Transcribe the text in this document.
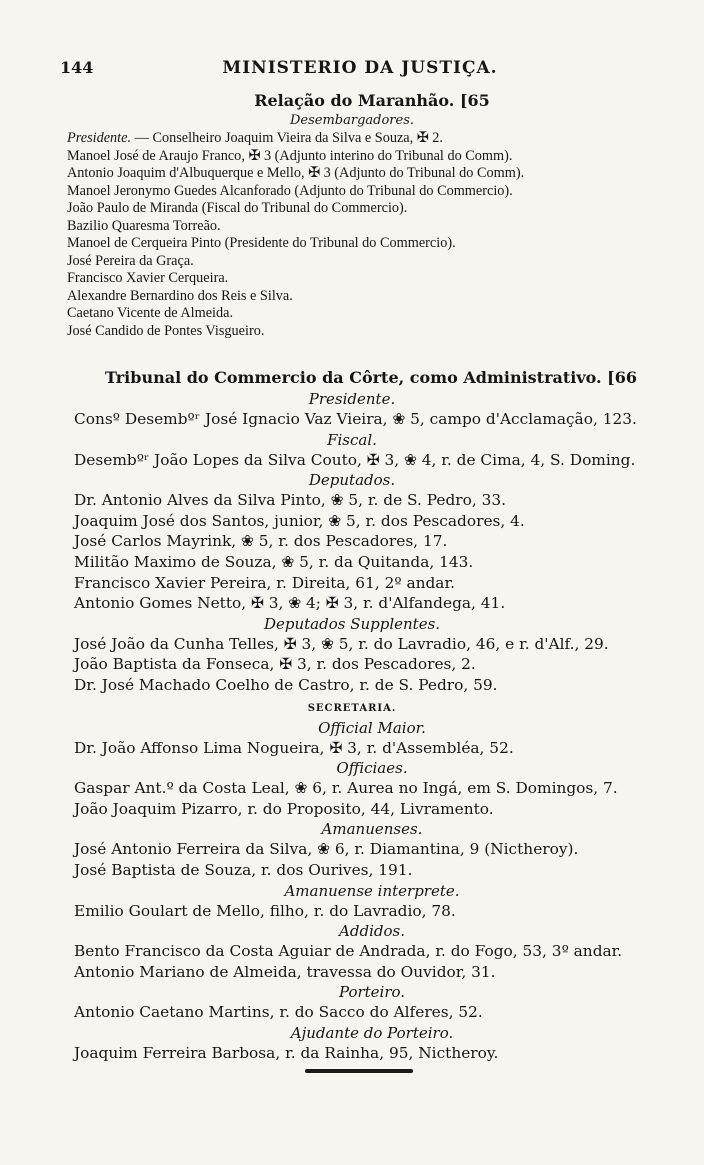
144	MINISTERIO DA JUSTIÇA.
Relação do Maranhão. [65
Desembargadores.
Presidente. — Conselheiro Joaquim Vieira da Silva e Souza, ✠ 2.
Manoel José de Araujo Franco, ✠ 3 (Adjunto interino do Tribunal do Comm).
Antonio Joaquim d'Albuquerque e Mello, ✠ 3 (Adjunto do Tribunal do Comm).
Manoel Jeronymo Guedes Alcanforado (Adjunto do Tribunal do Commercio).
João Paulo de Miranda (Fiscal do Tribunal do Commercio).
Bazilio Quaresma Torreão.
Manoel de Cerqueira Pinto (Presidente do Tribunal do Commercio).
José Pereira da Graça.
Francisco Xavier Cerqueira.
Alexandre Bernardino dos Reis e Silva.
Caetano Vicente de Almeida.
José Candido de Pontes Visgueiro.
Tribunal do Commercio da Côrte, como Administrativo. [66
Presidente.
Consº Desembºʳ José Ignacio Vaz Vieira, ❀ 5, campo d'Acclamação, 123.
Fiscal.
Desembºʳ João Lopes da Silva Couto, ✠ 3, ❀ 4, r. de Cima, 4, S. Doming.
Deputados.
Dr. Antonio Alves da Silva Pinto, ❀ 5, r. de S. Pedro, 33.
Joaquim José dos Santos, junior, ❀ 5, r. dos Pescadores, 4.
José Carlos Mayrink, ❀ 5, r. dos Pescadores, 17.
Militão Maximo de Souza, ❀ 5, r. da Quitanda, 143.
Francisco Xavier Pereira, r. Direita, 61, 2º andar.
Antonio Gomes Netto, ✠ 3, ❀ 4; ✠ 3, r. d'Alfandega, 41.
Deputados Supplentes.
José João da Cunha Telles, ✠ 3, ❀ 5, r. do Lavradio, 46, e r. d'Alf., 29.
João Baptista da Fonseca, ✠ 3, r. dos Pescadores, 2.
Dr. José Machado Coelho de Castro, r. de S. Pedro, 59.
SECRETARIA.
Official Maior.
Dr. João Affonso Lima Nogueira, ✠ 3, r. d'Assembléa, 52.
Officiaes.
Gaspar Ant.º da Costa Leal, ❀ 6, r. Aurea no Ingá, em S. Domingos, 7.
João Joaquim Pizarro, r. do Proposito, 44, Livramento.
Amanuenses.
José Antonio Ferreira da Silva, ❀ 6, r. Diamantina, 9 (Nictheroy).
José Baptista de Souza, r. dos Ourives, 191.
Amanuense interprete.
Emilio Goulart de Mello, filho, r. do Lavradio, 78.
Addidos.
Bento Francisco da Costa Aguiar de Andrada, r. do Fogo, 53, 3º andar.
Antonio Mariano de Almeida, travessa do Ouvidor, 31.
Porteiro.
Antonio Caetano Martins, r. do Sacco do Alferes, 52.
Ajudante do Porteiro.
Joaquim Ferreira Barbosa, r. da Rainha, 95, Nictheroy.
